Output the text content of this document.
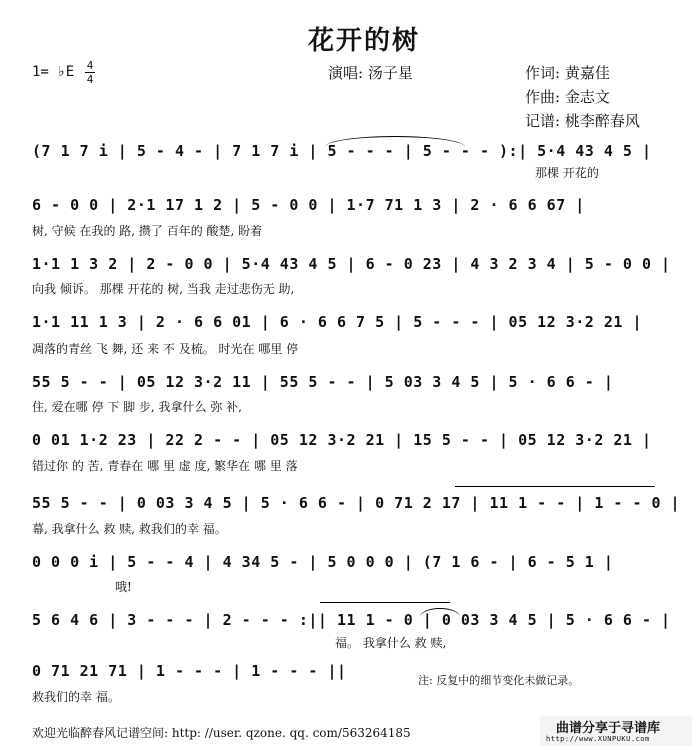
花开的树
1= ♭E 4
4	演唱: 汤子星	作词: 黄嘉佳
作曲: 金志文
记谱: 桃李醉春风
(7 1 7 i | 5 - 4 - | 7 1 7 i | 5 - - - | 5 - - - ):| 5·4 43 4 5 |
那棵 开花的
6 - 0 0 | 2·1 17 1 2 | 5 - 0 0 | 1·7 71 1 3 | 2 · 6 6 67 |
树, 守候 在我的 路, 攒了 百年的 酸楚, 盼着
1·1 1 3 2 | 2 - 0 0 | 5·4 43 4 5 | 6 - 0 23 | 4 3 2 3 4 | 5 - 0 0 |
向我 倾诉。 那棵 开花的 树, 当我 走过悲伤无 助,
1·1 11 1 3 | 2 · 6 6 01 | 6 · 6 6 7 5 | 5 - - - | 05 12 3·2 21 |
凋落的青丝 飞 舞, 还 来 不 及梳。 时光在 哪里 停
55 5 - - | 05 12 3·2 11 | 55 5 - - | 5 03 3 4 5 | 5 · 6 6 - |
住, 爱在哪 停 下 脚 步, 我拿什么 弥 补,
0 01 1·2 23 | 22 2 - - | 05 12 3·2 21 | 15 5 - - | 05 12 3·2 21 |
错过你 的 苦, 青春在 哪 里 虚 度, 繁华在 哪 里 落
55 5 - - | 0 03 3 4 5 | 5 · 6 6 - | 0 71 2 17 | 11 1 - - | 1 - - 0 |
幕, 我拿什么 救 赎, 救我们的幸 福。
0 0 0 i | 5 - - 4 | 4 34 5 - | 5 0 0 0 | (7 1 6 - | 6 - 5 1 |
哦!
5 6 4 6 | 3 - - - | 2 - - - :|| 11 1 - 0 | 0 03 3 4 5 | 5 · 6 6 - |
福。 我拿什么 救 赎,
0 71 21 71 | 1 - - - | 1 - - - ||
救我们的幸 福。
注: 反复中的细节变化未做记录。
欢迎光临醉春风记谱空间: http: //user. qzone. qq. com/563264185	曲谱分享于寻谱库
http://www.XUNPUKU.com
